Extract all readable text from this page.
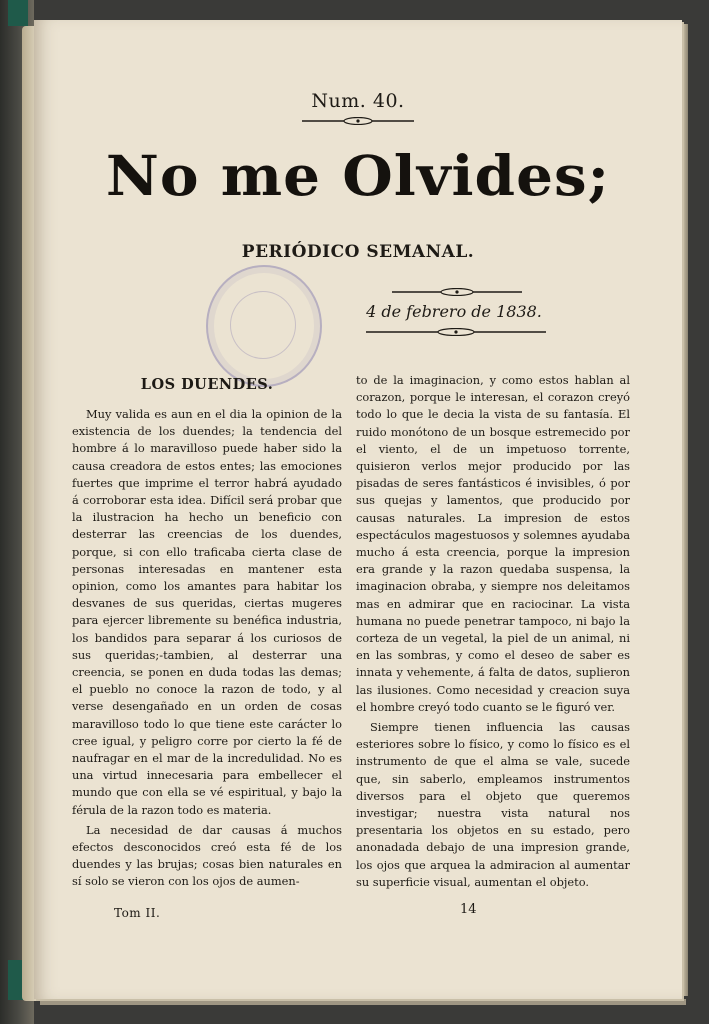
Num. 40.
No me Olvides;
PERIÓDICO SEMANAL.
4 de febrero de 1838.
LOS DUENDES.

Muy valida es aun en el dia la opinion de la existencia de los duendes; la tendencia del hombre á lo maravilloso puede haber sido la causa creadora de estos entes; las emociones fuertes que imprime el terror habrá ayudado á corroborar esta idea. Difícil será probar que la ilustracion ha hecho un beneficio con desterrar las creencias de los duendes, porque, si con ello traficaba cierta clase de personas interesadas en mantener esta opinion, como los amantes para habitar los desvanes de sus queridas, ciertas mugeres para ejercer libremente su benéfica industria, los bandidos para separar á los curiosos de sus queridas;-tambien, al desterrar una creencia, se ponen en duda todas las demas; el pueblo no conoce la razon de todo, y al verse desengañado en un orden de cosas maravilloso todo lo que tiene este carácter lo cree igual, y peligro corre por cierto la fé de naufragar en el mar de la incredulidad. No es una virtud innecesaria para embellecer el mundo que con ella se vé espiritual, y bajo la férula de la razon todo es materia.

La necesidad de dar causas á muchos efectos desconocidos creó esta fé de los duendes y las brujas; cosas bien naturales en sí solo se vieron con los ojos de aumen-

to de la imaginacion, y como estos hablan al corazon, porque le interesan, el corazon creyó todo lo que le decia la vista de su fantasía. El ruido monótono de un bosque estremecido por el viento, el de un impetuoso torrente, quisieron verlos mejor producido por las pisadas de seres fantásticos é invisibles, ó por sus quejas y lamentos, que producido por causas naturales. La impresion de estos espectáculos magestuosos y solemnes ayudaba mucho á esta creencia, porque la impresion era grande y la razon quedaba suspensa, la imaginacion obraba, y siempre nos deleitamos mas en admirar que en raciocinar. La vista humana no puede penetrar tampoco, ni bajo la corteza de un vegetal, la piel de un animal, ni en las sombras, y como el deseo de saber es innata y vehemente, á falta de datos, suplieron las ilusiones. Como necesidad y creacion suya el hombre creyó todo cuanto se le figuró ver.

Siempre tienen influencia las causas esteriores sobre lo físico, y como lo físico es el instrumento de que el alma se vale, sucede que, sin saberlo, empleamos instrumentos diversos para el objeto que queremos investigar; nuestra vista natural nos presentaria los objetos en su estado, pero anonadada debajo de una impresion grande, los ojos que arquea la admiracion al aumentar su superficie visual, aumentan el objeto.

Tom II.	14
